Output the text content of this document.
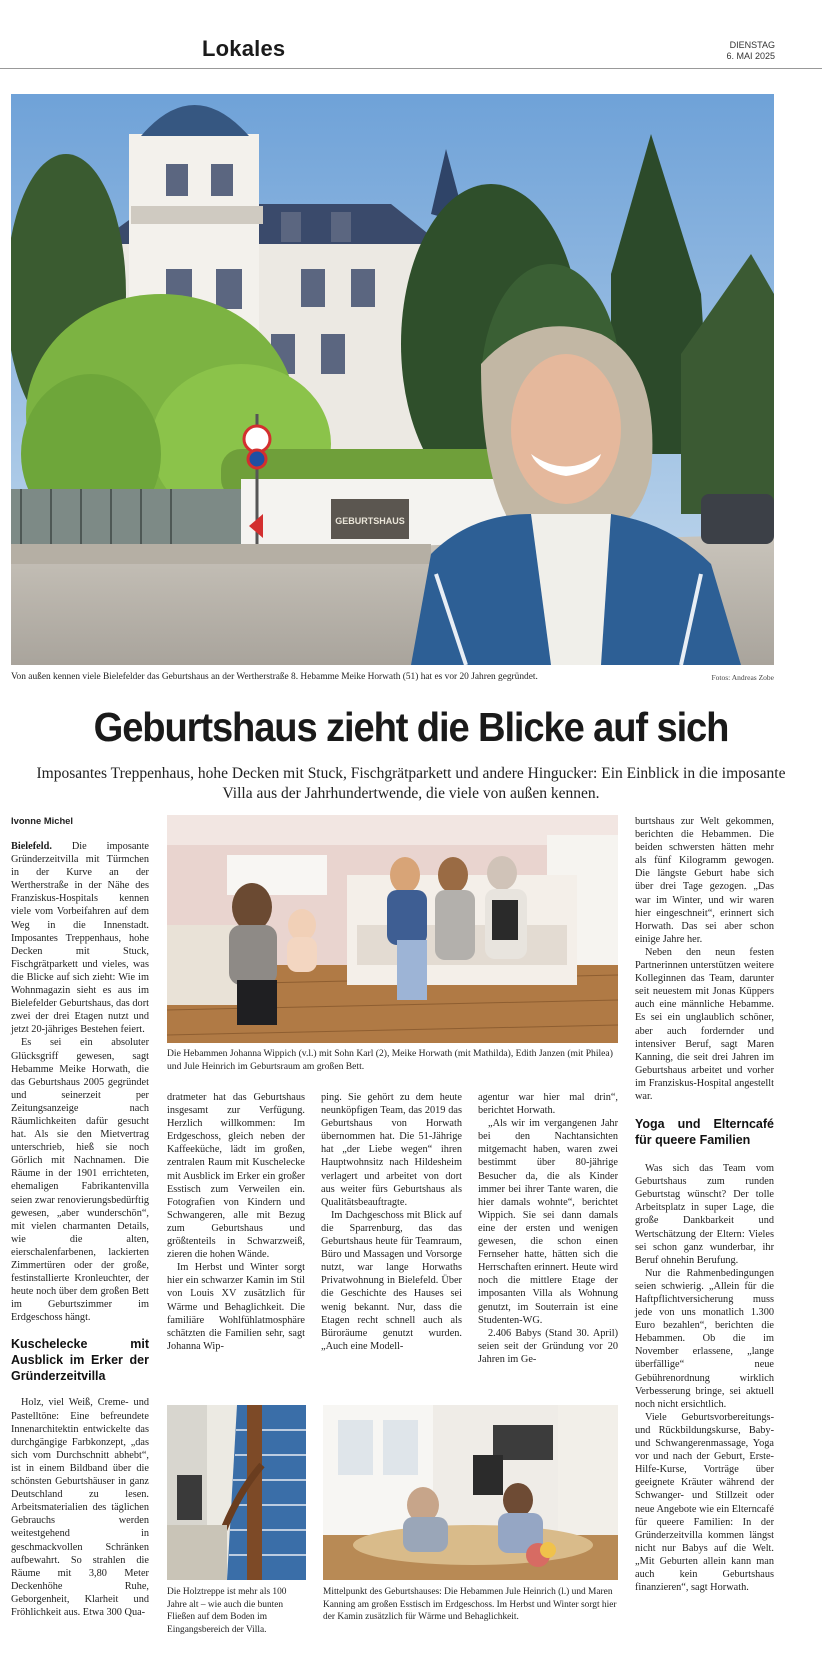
Lokales	DIENSTAG
6. MAI 2025
GEBURTSHAUS
Von außen kennen viele Bielefelder das Geburtshaus an der Wertherstraße 8. Hebamme Meike Horwath (51) hat es vor 20 Jahren gegründet.	Fotos: Andreas Zobe
Geburtshaus zieht die Blicke auf sich
Imposantes Treppenhaus, hohe Decken mit Stuck, Fischgrätparkett und andere Hingucker: Ein Einblick in die imposante Villa aus der Jahrhundertwende, die viele von außen kennen.
Ivonne Michel

Bielefeld. Die imposante Gründerzeitvilla mit Türmchen in der Kurve an der Wertherstraße in der Nähe des Franziskus-Hospitals kennen viele vom Vorbeifahren auf dem Weg in die Innenstadt. Imposantes Treppenhaus, hohe Decken mit Stuck, Fischgrätparkett und vieles, was die Blicke auf sich zieht: Wie im Wohnmagazin sieht es aus im Bielefelder Geburtshaus, das dort zwei der drei Etagen nutzt und jetzt 20-jähriges Bestehen feiert.

Es sei ein absoluter Glücksgriff gewesen, sagt Hebamme Meike Horwath, die das Geburtshaus 2005 gegründet und seinerzeit per Zeitungsanzeige nach Räumlichkeiten dafür gesucht hat. Als sie den Mietvertrag unterschrieb, hieß sie noch Görlich mit Nachnamen. Die Räume in der 1901 errichteten, ehemaligen Fabrikantenvilla seien zwar renovierungsbedürftig gewesen, „aber wunderschön“, mit vielen charmanten Details, wie die alten, eierschalenfarbenen, lackierten Zimmertüren oder der große, festinstallierte Kronleuchter, der heute noch über dem großen Bett im Geburtszimmer im Erdgeschoss hängt.

Kuschelecke mit Ausblick im Erker der Gründerzeitvilla

Holz, viel Weiß, Creme- und Pastelltöne: Eine befreundete Innenarchitektin entwickelte das durchgängige Farbkonzept, „das sich vom Durchschnitt abhebt“, ist in einem Bildband über die schönsten Geburtshäuser in ganz Deutschland zu lesen. Arbeitsmaterialien des täglichen Gebrauchs werden weitestgehend in geschmackvollen Schränken aufbewahrt. So strahlen die Räume mit 3,80 Meter Deckenhöhe Ruhe, Geborgenheit, Klarheit und Fröhlichkeit aus. Etwa 300 Qua-

Die Hebammen Johanna Wippich (v.l.) mit Sohn Karl (2), Meike Horwath (mit Mathilda), Edith Janzen (mit Philea) und Jule Heinrich im Geburtsraum am großen Bett.

dratmeter hat das Geburtshaus insgesamt zur Verfügung. Herzlich willkommen: Im Erdgeschoss, gleich neben der Kaffeeküche, lädt im großen, zentralen Raum mit Kuschelecke mit Ausblick im Erker ein großer Esstisch zum Verweilen ein. Fotografien von Kindern und Schwangeren, alle mit Bezug zum Geburtshaus und größtenteils in Schwarzweiß, zieren die hohen Wände.

Im Herbst und Winter sorgt hier ein schwarzer Kamin im Stil von Louis XV zusätzlich für Wärme und Behaglichkeit. Die familiäre Wohlfühlatmosphäre schätzten die Familien sehr, sagt Johanna Wip-

ping. Sie gehört zu dem heute neunköpfigen Team, das 2019 das Geburtshaus von Horwath übernommen hat. Die 51-Jährige hat „der Liebe wegen“ ihren Hauptwohnsitz nach Hildesheim verlagert und arbeitet von dort aus weiter fürs Geburtshaus als Qualitätsbeauftragte.

Im Dachgeschoss mit Blick auf die Sparrenburg, das das Geburtshaus heute für Teamraum, Büro und Massagen und Vorsorge nutzt, war lange Horwaths Privatwohnung in Bielefeld. Über die Geschichte des Hauses sei wenig bekannt. Nur, dass die Etagen recht schnell auch als Büroräume genutzt wurden. „Auch eine Modell-

agentur war hier mal drin“, berichtet Horwath.

„Als wir im vergangenen Jahr bei den Nachtansichten mitgemacht haben, waren zwei bestimmt über 80-jährige Besucher da, die als Kinder immer bei ihrer Tante waren, die hier damals wohnte“, berichtet Wippich. Sie sei dann damals eine der ersten und wenigen gewesen, die schon einen Fernseher hatte, hätten sich die Herrschaften erinnert. Heute wird noch die mittlere Etage der imposanten Villa als Wohnung genutzt, im Souterrain ist eine Studenten-WG.

2.406 Babys (Stand 30. April) seien seit der Gründung vor 20 Jahren im Ge-

Die Holztreppe ist mehr als 100 Jahre alt – wie auch die bunten Fließen auf dem Boden im Eingangsbereich der Villa.
Mittelpunkt des Geburtshauses: Die Hebammen Jule Heinrich (l.) und Maren Kanning am großen Esstisch im Erdgeschoss. Im Herbst und Winter sorgt hier der Kamin zusätzlich für Wärme und Behaglichkeit.

burtshaus zur Welt gekommen, berichten die Hebammen. Die beiden schwersten hätten mehr als fünf Kilogramm gewogen. Die längste Geburt habe sich über drei Tage gezogen. „Das war im Winter, und wir waren hier eingeschneit“, erinnert sich Horwath. Das sei aber schon einige Jahre her.

Neben den neun festen Partnerinnen unterstützen weitere Kolleginnen das Team, darunter seit neuestem mit Jonas Küppers auch eine männliche Hebamme. Es sei ein unglaublich schöner, aber auch fordernder und intensiver Beruf, sagt Maren Kanning, die seit drei Jahren im Geburtshaus arbeitet und vorher im Franziskus-Hospital angestellt war.

Yoga und Elterncafé für queere Familien

Was sich das Team vom Geburtshaus zum runden Geburtstag wünscht? Der tolle Arbeitsplatz in super Lage, die große Dankbarkeit und Wertschätzung der Eltern: Vieles sei schon ganz wunderbar, ihr Beruf ohnehin Berufung.

Nur die Rahmenbedingungen seien schwierig. „Allein für die Haftpflichtversicherung muss jede von uns monatlich 1.300 Euro bezahlen“, berichten die Hebammen. Ob die im November erlassene, „lange überfällige“ neue Gebührenordnung wirklich Verbesserung bringe, sei aktuell noch nicht ersichtlich.

Viele Geburtsvorbereitungs- und Rückbildungskurse, Baby- und Schwangerenmassage, Yoga vor und nach der Geburt, Erste-Hilfe-Kurse, Vorträge über geeignete Kräuter während der Schwanger- und Stillzeit oder neue Angebote wie ein Elterncafé für queere Familien: In der Gründerzeitvilla kommen längst nicht nur Babys auf die Welt. „Mit Geburten allein kann man auch kein Geburtshaus finanzieren“, sagt Horwath.
